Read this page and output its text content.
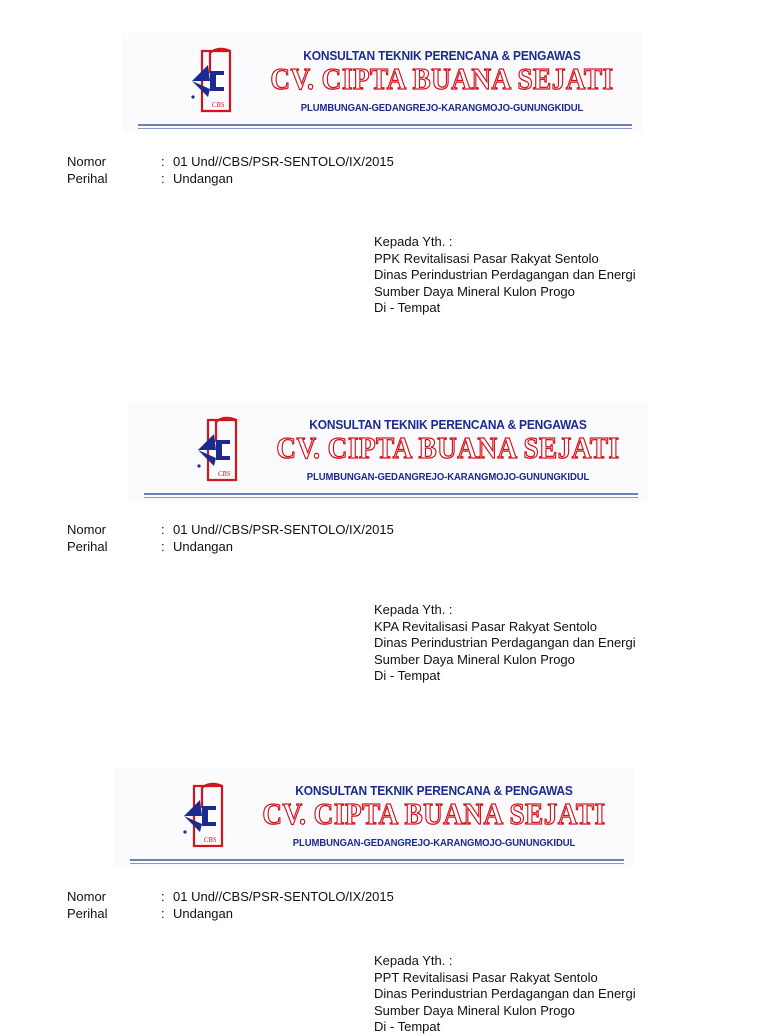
CBS
KONSULTAN TEKNIK PERENCANA & PENGAWAS
CV. CIPTA BUANA SEJATI
PLUMBUNGAN-GEDANGREJO-KARANGMOJO-GUNUNGKIDUL
Nomor	: 01 Und//CBS/PSR-SENTOLO/IX/2015
Perihal	: Undangan
Kepada Yth. :
PPK Revitalisasi Pasar Rakyat Sentolo
Dinas Perindustrian Perdagangan dan Energi
Sumber Daya Mineral Kulon Progo
Di - Tempat
CBS
KONSULTAN TEKNIK PERENCANA & PENGAWAS
CV. CIPTA BUANA SEJATI
PLUMBUNGAN-GEDANGREJO-KARANGMOJO-GUNUNGKIDUL
Nomor	: 01 Und//CBS/PSR-SENTOLO/IX/2015
Perihal	: Undangan
Kepada Yth. :
KPA Revitalisasi Pasar Rakyat Sentolo
Dinas Perindustrian Perdagangan dan Energi
Sumber Daya Mineral Kulon Progo
Di - Tempat
CBS
KONSULTAN TEKNIK PERENCANA & PENGAWAS
CV. CIPTA BUANA SEJATI
PLUMBUNGAN-GEDANGREJO-KARANGMOJO-GUNUNGKIDUL
Nomor	: 01 Und//CBS/PSR-SENTOLO/IX/2015
Perihal	: Undangan
Kepada Yth. :
PPT Revitalisasi Pasar Rakyat Sentolo
Dinas Perindustrian Perdagangan dan Energi
Sumber Daya Mineral Kulon Progo
Di - Tempat
